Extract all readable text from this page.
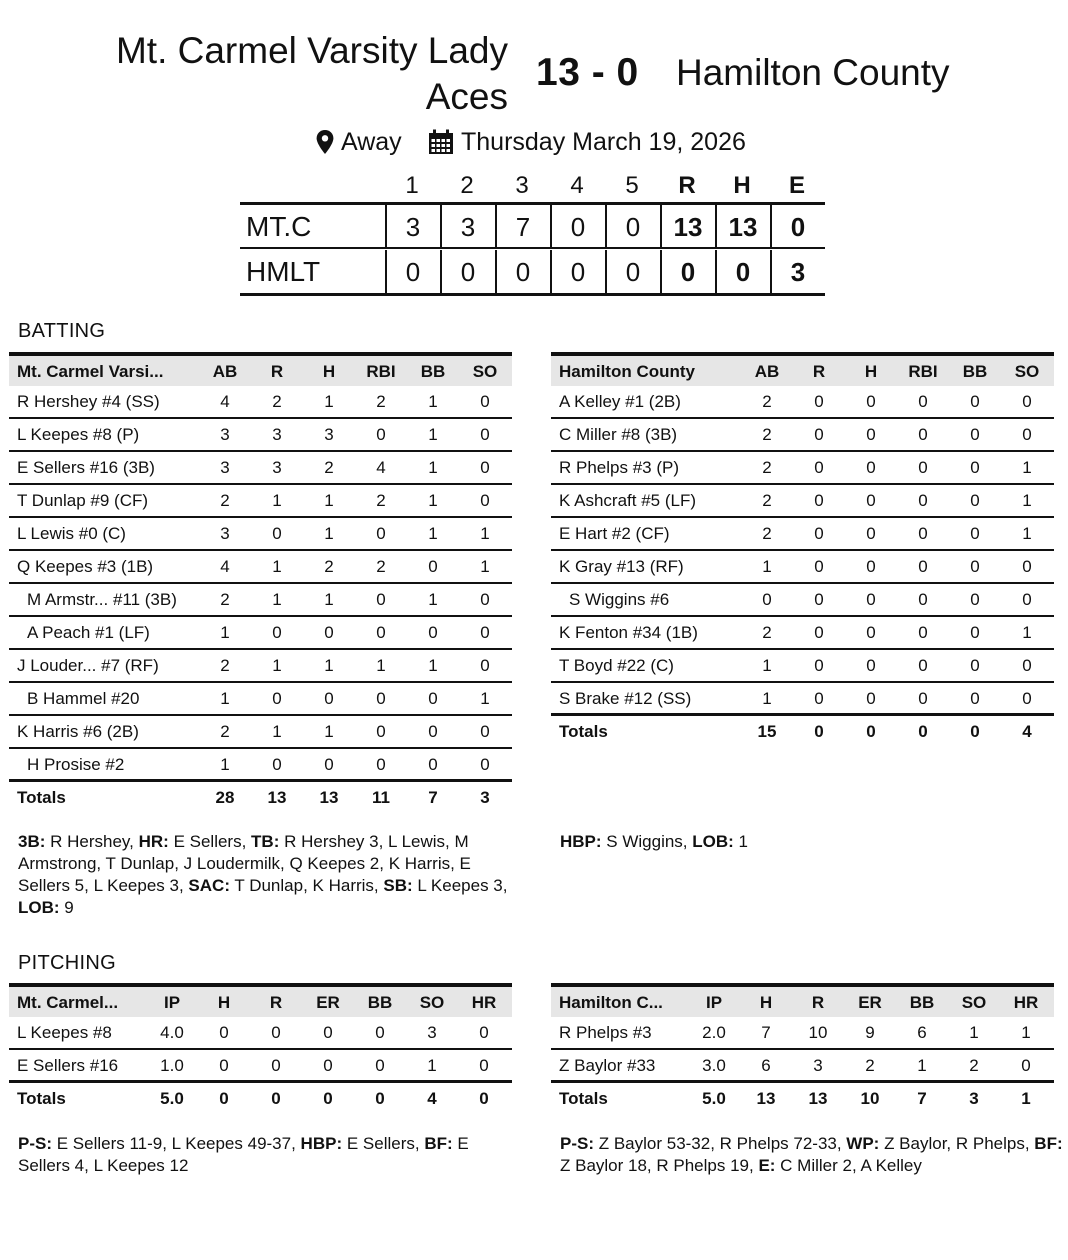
Mt. Carmel Varsity Lady Aces
13 - 0 Hamilton County
Away Thursday March 19, 2026
1	2	3	4	5	R	H	E
MT.C	3	3	7	0	0	13	13	0
HMLT	0	0	0	0	0	0	0	3
BATTING
Mt. Carmel Varsi...	AB	R	H	RBI	BB	SO
R Hershey #4 (SS)	4	2	1	2	1	0
L Keepes #8 (P)	3	3	3	0	1	0
E Sellers #16 (3B)	3	3	2	4	1	0
T Dunlap #9 (CF)	2	1	1	2	1	0
L Lewis #0 (C)	3	0	1	0	1	1
Q Keepes #3 (1B)	4	1	2	2	0	1
M Armstr... #11 (3B)	2	1	1	0	1	0
A Peach #1 (LF)	1	0	0	0	0	0
J Louder... #7 (RF)	2	1	1	1	1	0
B Hammel #20	1	0	0	0	0	1
K Harris #6 (2B)	2	1	1	0	0	0
H Prosise #2	1	0	0	0	0	0
Totals	28	13	13	11	7	3
Hamilton County	AB	R	H	RBI	BB	SO
A Kelley #1 (2B)	2	0	0	0	0	0
C Miller #8 (3B)	2	0	0	0	0	0
R Phelps #3 (P)	2	0	0	0	0	1
K Ashcraft #5 (LF)	2	0	0	0	0	1
E Hart #2 (CF)	2	0	0	0	0	1
K Gray #13 (RF)	1	0	0	0	0	0
S Wiggins #6	0	0	0	0	0	0
K Fenton #34 (1B)	2	0	0	0	0	1
T Boyd #22 (C)	1	0	0	0	0	0
S Brake #12 (SS)	1	0	0	0	0	0
Totals	15	0	0	0	0	4
3B: R Hershey, HR: E Sellers, TB: R Hershey 3, L Lewis, M Armstrong, T Dunlap, J Loudermilk, Q Keepes 2, K Harris, E Sellers 5, L Keepes 3, SAC: T Dunlap, K Harris, SB: L Keepes 3, LOB: 9
HBP: S Wiggins, LOB: 1
PITCHING
Mt. Carmel...	IP	H	R	ER	BB	SO	HR
L Keepes #8	4.0	0	0	0	0	3	0
E Sellers #16	1.0	0	0	0	0	1	0
Totals	5.0	0	0	0	0	4	0
Hamilton C...	IP	H	R	ER	BB	SO	HR
R Phelps #3	2.0	7	10	9	6	1	1
Z Baylor #33	3.0	6	3	2	1	2	0
Totals	5.0	13	13	10	7	3	1
P-S: E Sellers 11-9, L Keepes 49-37, HBP: E Sellers, BF: E Sellers 4, L Keepes 12
P-S: Z Baylor 53-32, R Phelps 72-33, WP: Z Baylor, R Phelps, BF: Z Baylor 18, R Phelps 19, E: C Miller 2, A Kelley
